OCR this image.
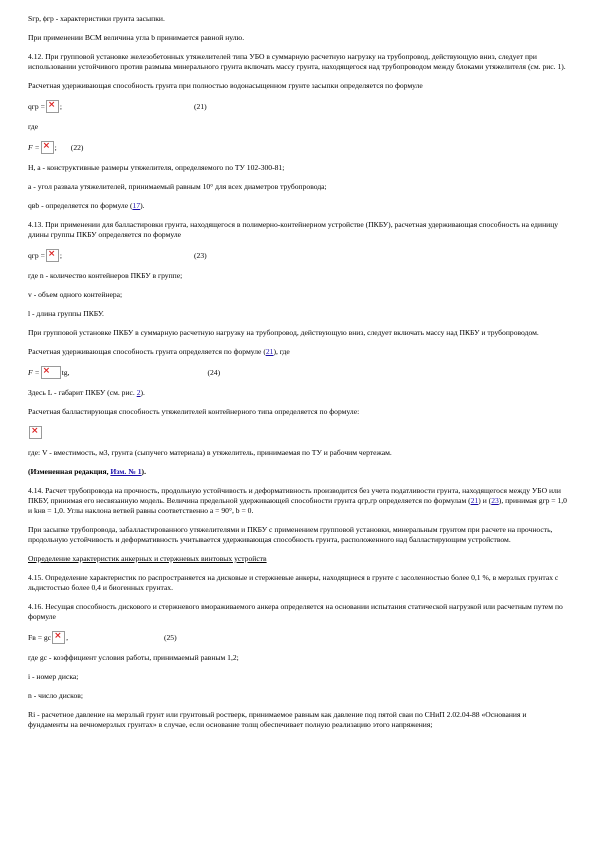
Sгр, ϕгр - характеристики грунта засыпки.

При применении ВСМ величина угла b принимается равной нулю.

4.12. При групповой установке железобетонных утяжелителей типа УБО в суммарную расчетную нагрузку на трубопровод, действующую вниз, следует при использовании устойчивого против размыва минерального грунта включать массу грунта, находящегося над трубопроводом между блоками утяжелителя (см. рис. 1).

Расчетная удерживающая способность грунта при полностью водонасыщенном грунте засыпки определяется по формуле

qгр = × ;	(21)

где

F = × ; (22)

H, a - конструктивные размеры утяжелителя, определяемого по ТУ 102-300-81;

a - угол развала утяжелителей, принимаемый равным 10° для всех диаметров трубопровода;

qвb - определяется по формуле (17).

4.13. При применении для балластировки грунта, находящегося в полимерно-контейнерном устройстве (ПКБУ), расчетная удерживающая способность на единицу длины группы ПКБУ определяется по формуле

qгр = × ;	(23)

где n - количество контейнеров ПКБУ в группе;

v - объем одного контейнера;

l - длина группы ПКБУ.

При групповой установке ПКБУ в суммарную расчетную нагрузку на трубопровод, действующую вниз, следует включать массу над ПКБУ и трубопроводом.

Расчетная удерживающая способность грунта определяется по формуле (21), где

F = × tg,	(24)

Здесь L - габарит ПКБУ (см. рис. 2).

Расчетная балластирующая способность утяжелителей контейнерного типа определяется по формуле:

×

где: V - вместимость, м3, грунта (сыпучего материала) в утяжелитель, принимаемая по ТУ и рабочим чертежам.

(Измененная редакция, Изм. № 1).

4.14. Расчет трубопровода на прочность, продольную устойчивость и деформативность производится без учета податливости грунта, находящегося между УБО или ПКБУ, принимая его несвязанную модель. Величина предельной удерживающей способности грунта qгр,гр определяется по формулам (21) и (23), принимая gгр = 1,0 и kнв = 1,0. Углы наклона ветвей равны соответственно a = 90°, b = 0.

При засыпке трубопровода, забалластированного утяжелителями и ПКБУ с применением групповой установки, минеральным грунтом при расчете на прочность, продольную устойчивость и деформативность учитывается удерживающая способность грунта, расположенного над балластирующим устройством.

Определение характеристик анкерных и стержневых винтовых устройств

4.15. Определение характеристик по распространяется на дисковые и стержневые анкеры, находящиеся в грунте с засоленностью более 0,1 %, в мерзлых грунтах с льдистостью более 0,4 и биогенных грунтах.

4.16. Несущая способность дискового и стержневого вмораживаемого анкера определяется на основании испытания статической нагрузкой или расчетным путем по формуле

Fв = gc × ,	(25)

где gc - коэффициент условия работы, принимаемый равным 1,2;

i - номер диска;

n - число дисков;

Ri - расчетное давление на мерзлый грунт или грунтовый ростверк, принимаемое равным как давление под пятой сваи по СНиП 2.02.04-88 «Основания и фундаменты на вечномерзлых грунтах» в случае, если основание толщ обеспечивает полную реализацию этого напряжения;
